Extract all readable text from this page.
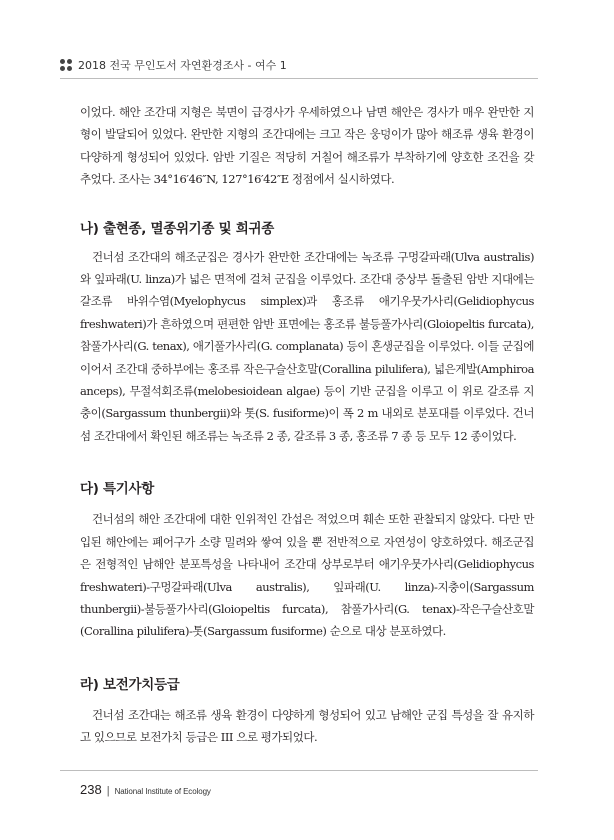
2018 전국 무인도서 자연환경조사 - 여수 1

이었다. 해안 조간대 지형은 북면이 급경사가 우세하였으나 남면 해안은 경사가 매우 완만한 지형이 발달되어 있었다. 완만한 지형의 조간대에는 크고 작은 웅덩이가 많아 해조류 생육 환경이 다양하게 형성되어 있었다. 암반 기질은 적당히 거칠어 해조류가 부착하기에 양호한 조건을 갖추었다. 조사는 34°16′46″N, 127°16′42″E 정점에서 실시하였다.

나) 출현종, 멸종위기종 및 희귀종

건너섬 조간대의 해조군집은 경사가 완만한 조간대에는 녹조류 구멍갈파래(Ulva australis)와 잎파래(U. linza)가 넓은 면적에 걸쳐 군집을 이루었다. 조간대 중상부 돌출된 암반 지대에는 갈조류 바위수염(Myelophycus simplex)과 홍조류 애기우뭇가사리(Gelidiophycus freshwateri)가 흔하였으며 편편한 암반 표면에는 홍조류 불등풀가사리(Gloiopeltis furcata), 참풀가사리(G. tenax), 애기풀가사리(G. complanata) 등이 혼생군집을 이루었다. 이들 군집에 이어서 조간대 중하부에는 홍조류 작은구슬산호말(Corallina pilulifera), 넓은게발(Amphiroa anceps), 무절석회조류(melobesioidean algae) 등이 기반 군집을 이루고 이 위로 갈조류 지충이(Sargassum thunbergii)와 톳(S. fusiforme)이 폭 2 m 내외로 분포대를 이루었다. 건너섬 조간대에서 확인된 해조류는 녹조류 2 종, 갈조류 3 종, 홍조류 7 종 등 모두 12 종이었다.

다) 특기사항

건너섬의 해안 조간대에 대한 인위적인 간섭은 적었으며 훼손 또한 관찰되지 않았다. 다만 만입된 해안에는 폐어구가 소량 밀려와 쌓여 있을 뿐 전반적으로 자연성이 양호하였다. 해조군집은 전형적인 남해안 분포특성을 나타내어 조간대 상부로부터 애기우뭇가사리(Gelidiophycus freshwateri)-구멍갈파래(Ulva australis), 잎파래(U. linza)-지충이(Sargassum thunbergii)-불등풀가사리(Gloiopeltis furcata), 참풀가사리(G. tenax)-작은구슬산호말(Corallina pilulifera)-톳(Sargassum fusiforme) 순으로 대상 분포하였다.

라) 보전가치등급

건너섬 조간대는 해조류 생육 환경이 다양하게 형성되어 있고 남해안 군집 특성을 잘 유지하고 있으므로 보전가치 등급은 III 으로 평가되었다.

238 | National Institute of Ecology
